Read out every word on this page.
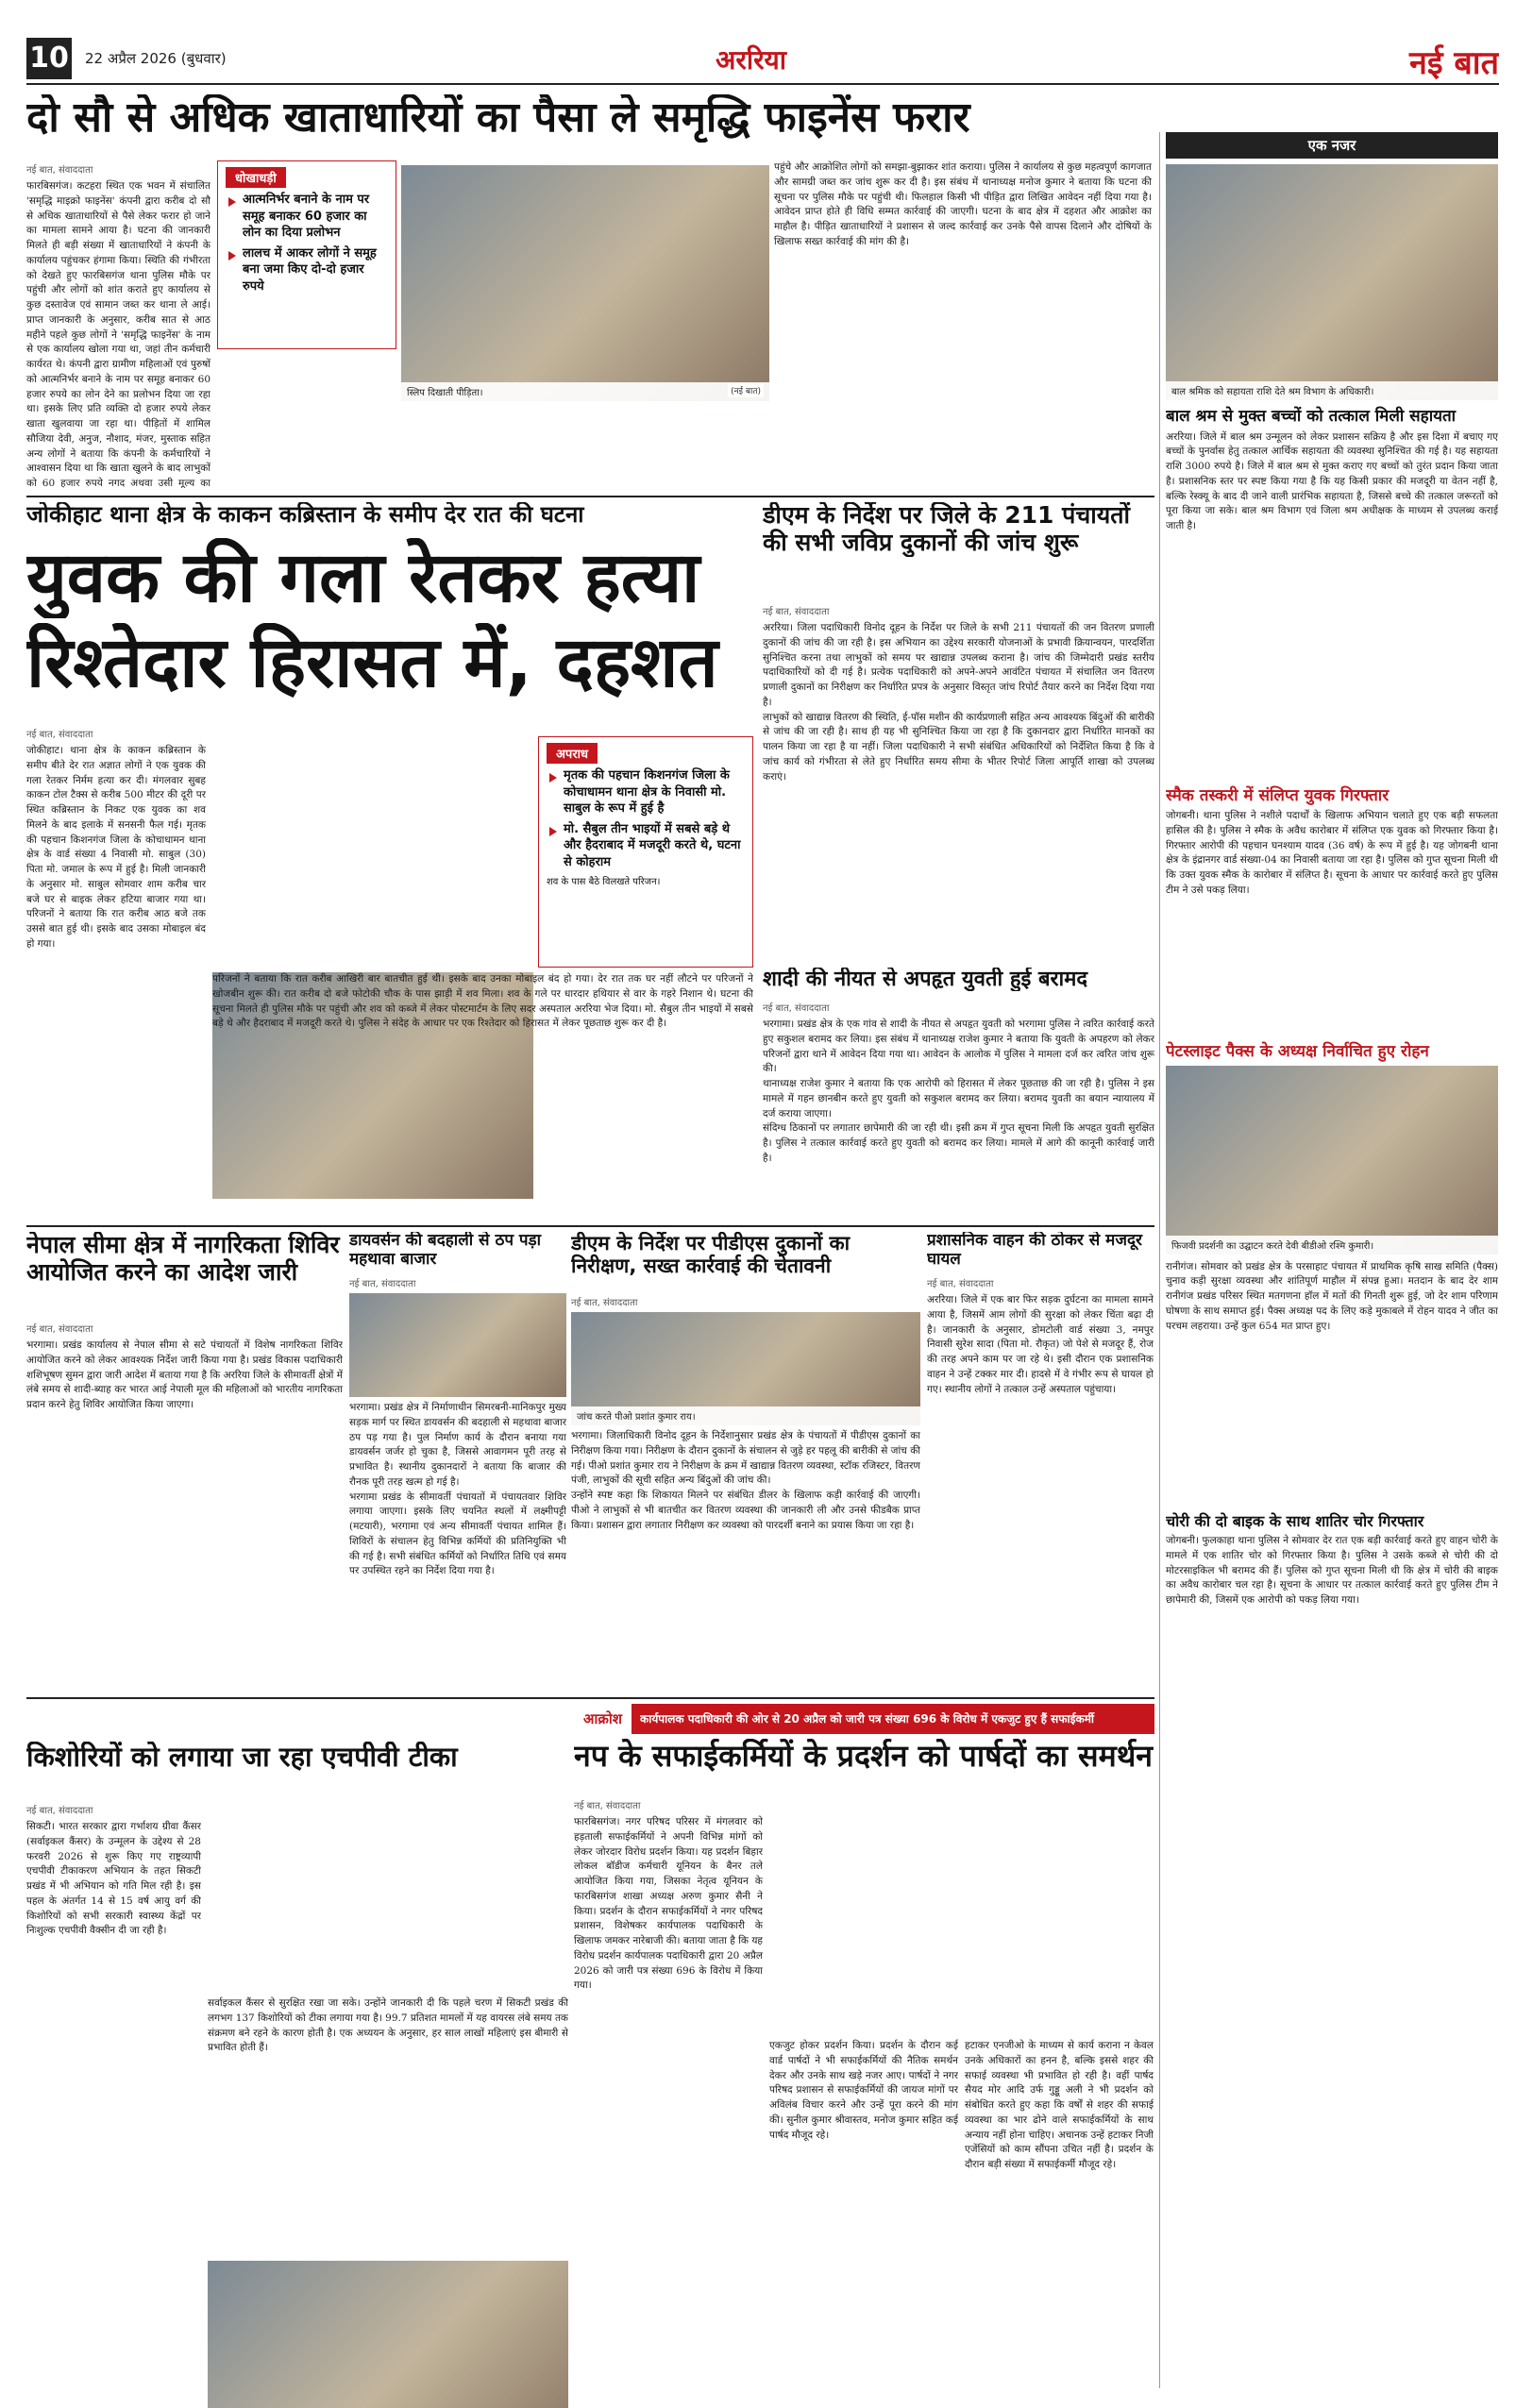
10 22 अप्रैल 2026 (बुधवार)	अररिया	नई बात
दो सौ से अधिक खाताधारियों का पैसा ले समृद्धि फाइनेंस फरार
नई बात, संवाददाता
फारबिसगंज। कटहरा स्थित एक भवन में संचालित 'समृद्धि माइक्रो फाइनेंस' कंपनी द्वारा करीब दो सौ से अधिक खाताधारियों से पैसे लेकर फरार हो जाने का मामला सामने आया है। घटना की जानकारी मिलते ही बड़ी संख्या में खाताधारियों ने कंपनी के कार्यालय पहुंचकर हंगामा किया। स्थिति की गंभीरता को देखते हुए फारबिसगंज थाना पुलिस मौके पर पहुंची और लोगों को शांत कराते हुए कार्यालय से कुछ दस्तावेज एवं सामान जब्त कर थाना ले आई। प्राप्त जानकारी के अनुसार, करीब सात से आठ महीने पहले कुछ लोगों ने 'समृद्धि फाइनेंस' के नाम से एक कार्यालय खोला गया था, जहां तीन कर्मचारी कार्यरत थे। कंपनी द्वारा ग्रामीण महिलाओं एवं पुरुषों को आत्मनिर्भर बनाने के नाम पर समूह बनाकर 60 हजार रुपये का लोन देने का प्रलोभन दिया जा रहा था। इसके लिए प्रति व्यक्ति दो हजार रुपये लेकर खाता खुलवाया जा रहा था। पीड़ितों में शामिल सौजिया देवी, अनुज, नौशाद, मंजर, मुस्ताक सहित अन्य लोगों ने बताया कि कंपनी के कर्मचारियों ने आश्वासन दिया था कि खाता खुलने के बाद लाभुकों को 60 हजार रुपये नगद अथवा उसी मूल्य का
धोखाधड़ी
आत्मनिर्भर बनाने के नाम पर समूह बनाकर 60 हजार का लोन का दिया प्रलोभन
लालच में आकर लोगों ने समूह बना जमा किए दो-दो हजार रुपये
स्लिप दिखाती पीड़िता।	(नई बात)
पहुंचे और आक्रोशित लोगों को समझा-बुझाकर शांत कराया। पुलिस ने कार्यालय से कुछ महत्वपूर्ण कागजात और सामग्री जब्त कर जांच शुरू कर दी है। इस संबंध में थानाध्यक्ष मनोज कुमार ने बताया कि घटना की सूचना पर पुलिस मौके पर पहुंची थी। फिलहाल किसी भी पीड़ित द्वारा लिखित आवेदन नहीं दिया गया है। आवेदन प्राप्त होते ही विधि सम्मत कार्रवाई की जाएगी। घटना के बाद क्षेत्र में दहशत और आक्रोश का माहौल है। पीड़ित खाताधारियों ने प्रशासन से जल्द कार्रवाई कर उनके पैसे वापस दिलाने और दोषियों के खिलाफ सख्त कार्रवाई की मांग की है।
एक नजर
बाल श्रमिक को सहायता राशि देते श्रम विभाग के अधिकारी।
बाल श्रम से मुक्त बच्चों को तत्काल मिली सहायता
अररिया। जिले में बाल श्रम उन्मूलन को लेकर प्रशासन सक्रिय है और इस दिशा में बचाए गए बच्चों के पुनर्वास हेतु तत्काल आर्थिक सहायता की व्यवस्था सुनिश्चित की गई है। यह सहायता राशि 3000 रुपये है। जिले में बाल श्रम से मुक्त कराए गए बच्चों को तुरंत प्रदान किया जाता है। प्रशासनिक स्तर पर स्पष्ट किया गया है कि यह किसी प्रकार की मजदूरी या वेतन नहीं है, बल्कि रेस्क्यू के बाद दी जाने वाली प्रारंभिक सहायता है, जिससे बच्चे की तत्काल जरूरतों को पूरा किया जा सके। बाल श्रम विभाग एवं जिला श्रम अधीक्षक के माध्यम से उपलब्ध कराई जाती है।
स्मैक तस्करी में संलिप्त युवक गिरफ्तार
जोगबनी। थाना पुलिस ने नशीले पदार्थों के खिलाफ अभियान चलाते हुए एक बड़ी सफलता हासिल की है। पुलिस ने स्मैक के अवैध कारोबार में संलिप्त एक युवक को गिरफ्तार किया है। गिरफ्तार आरोपी की पहचान घनश्याम यादव (36 वर्ष) के रूप में हुई है। यह जोगबनी थाना क्षेत्र के इंद्रानगर वार्ड संख्या-04 का निवासी बताया जा रहा है। पुलिस को गुप्त सूचना मिली थी कि उक्त युवक स्मैक के कारोबार में संलिप्त है। सूचना के आधार पर कार्रवाई करते हुए पुलिस टीम ने उसे पकड़ लिया।
पेटस्लाइट पैक्स के अध्यक्ष निर्वाचित हुए रोहन
फिजवी प्रदर्शनी का उद्घाटन करते देवी बीडीओ रश्मि कुमारी।
रानीगंज। सोमवार को प्रखंड क्षेत्र के परसाहाट पंचायत में प्राथमिक कृषि साख समिति (पैक्स) चुनाव कड़ी सुरक्षा व्यवस्था और शांतिपूर्ण माहौल में संपन्न हुआ। मतदान के बाद देर शाम रानीगंज प्रखंड परिसर स्थित मतगणना हॉल में मतों की गिनती शुरू हुई, जो देर शाम परिणाम घोषणा के साथ समाप्त हुई। पैक्स अध्यक्ष पद के लिए कड़े मुकाबले में रोहन यादव ने जीत का परचम लहराया। उन्हें कुल 654 मत प्राप्त हुए।
चोरी की दो बाइक के साथ शातिर चोर गिरफ्तार
जोगबनी। फुलकाहा थाना पुलिस ने सोमवार देर रात एक बड़ी कार्रवाई करते हुए वाहन चोरी के मामले में एक शातिर चोर को गिरफ्तार किया है। पुलिस ने उसके कब्जे से चोरी की दो मोटरसाइकिल भी बरामद की हैं। पुलिस को गुप्त सूचना मिली थी कि क्षेत्र में चोरी की बाइक का अवैध कारोबार चल रहा है। सूचना के आधार पर तत्काल कार्रवाई करते हुए पुलिस टीम ने छापेमारी की, जिसमें एक आरोपी को पकड़ लिया गया।
जोकीहाट थाना क्षेत्र के काकन कब्रिस्तान के समीप देर रात की घटना
युवक की गला रेतकर हत्या
रिश्तेदार हिरासत में, दहशत
नई बात, संवाददाता
जोकीहाट। थाना क्षेत्र के काकन कब्रिस्तान के समीप बीते देर रात अज्ञात लोगों ने एक युवक की गला रेतकर निर्मम हत्या कर दी। मंगलवार सुबह काकन टोल टैक्स से करीब 500 मीटर की दूरी पर स्थित कब्रिस्तान के निकट एक युवक का शव मिलने के बाद इलाके में सनसनी फैल गई। मृतक की पहचान किशनगंज जिला के कोचाधामन थाना क्षेत्र के वार्ड संख्या 4 निवासी मो. साबुल (30) पिता मो. जमाल के रूप में हुई है। मिली जानकारी के अनुसार मो. साबुल सोमवार शाम करीब चार बजे घर से बाइक लेकर हटिया बाजार गया था। परिजनों ने बताया कि रात करीब आठ बजे तक उससे बात हुई थी। इसके बाद उसका मोबाइल बंद हो गया।
अपराध
मृतक की पहचान किशनगंज जिला के कोचाधामन थाना क्षेत्र के निवासी मो. साबुल के रूप में हुई है
मो. सैबुल तीन भाइयों में सबसे बड़े थे और हैदराबाद में मजदूरी करते थे, घटना से कोहराम
शव के पास बैठे विलखते परिजन।
परिजनों ने बताया कि रात करीब आखिरी बार बातचीत हुई थी। इसके बाद उनका मोबाइल बंद हो गया। देर रात तक घर नहीं लौटने पर परिजनों ने खोजबीन शुरू की। रात करीब दो बजे फोटोकी चौक के पास झाड़ी में शव मिला। शव के गले पर धारदार हथियार से वार के गहरे निशान थे। घटना की सूचना मिलते ही पुलिस मौके पर पहुंची और शव को कब्जे में लेकर पोस्टमार्टम के लिए सदर अस्पताल अररिया भेज दिया। मो. सैबुल तीन भाइयों में सबसे बड़े थे और हैदराबाद में मजदूरी करते थे। पुलिस ने संदेह के आधार पर एक रिश्तेदार को हिरासत में लेकर पूछताछ शुरू कर दी है।
डीएम के निर्देश पर जिले के 211 पंचायतों की सभी जविप्र दुकानों की जांच शुरू
नई बात, संवाददाता
अररिया। जिला पदाधिकारी विनोद दूहन के निर्देश पर जिले के सभी 211 पंचायतों की जन वितरण प्रणाली दुकानों की जांच की जा रही है। इस अभियान का उद्देश्य सरकारी योजनाओं के प्रभावी क्रियान्वयन, पारदर्शिता सुनिश्चित करना तथा लाभुकों को समय पर खाद्यान्न उपलब्ध कराना है। जांच की जिम्मेदारी प्रखंड स्तरीय पदाधिकारियों को दी गई है। प्रत्येक पदाधिकारी को अपने-अपने आवंटित पंचायत में संचालित जन वितरण प्रणाली दुकानों का निरीक्षण कर निर्धारित प्रपत्र के अनुसार विस्तृत जांच रिपोर्ट तैयार करने का निर्देश दिया गया है।
लाभुकों को खाद्यान्न वितरण की स्थिति, ई-पॉस मशीन की कार्यप्रणाली सहित अन्य आवश्यक बिंदुओं की बारीकी से जांच की जा रही है। साथ ही यह भी सुनिश्चित किया जा रहा है कि दुकानदार द्वारा निर्धारित मानकों का पालन किया जा रहा है या नहीं। जिला पदाधिकारी ने सभी संबंधित अधिकारियों को निर्देशित किया है कि वे जांच कार्य को गंभीरता से लेते हुए निर्धारित समय सीमा के भीतर रिपोर्ट जिला आपूर्ति शाखा को उपलब्ध कराएं।
शादी की नीयत से अपहृत युवती हुई बरामद
नई बात, संवाददाता
भरगामा। प्रखंड क्षेत्र के एक गांव से शादी के नीयत से अपहृत युवती को भरगामा पुलिस ने त्वरित कार्रवाई करते हुए सकुशल बरामद कर लिया। इस संबंध में थानाध्यक्ष राजेश कुमार ने बताया कि युवती के अपहरण को लेकर परिजनों द्वारा थाने में आवेदन दिया गया था। आवेदन के आलोक में पुलिस ने मामला दर्ज कर त्वरित जांच शुरू की।
थानाध्यक्ष राजेश कुमार ने बताया कि एक आरोपी को हिरासत में लेकर पूछताछ की जा रही है। पुलिस ने इस मामले में गहन छानबीन करते हुए युवती को सकुशल बरामद कर लिया। बरामद युवती का बयान न्यायालय में दर्ज कराया जाएगा।
संदिग्ध ठिकानों पर लगातार छापेमारी की जा रही थी। इसी क्रम में गुप्त सूचना मिली कि अपहृत युवती सुरक्षित है। पुलिस ने तत्काल कार्रवाई करते हुए युवती को बरामद कर लिया। मामले में आगे की कानूनी कार्रवाई जारी है।
नेपाल सीमा क्षेत्र में नागरिकता शिविर आयोजित करने का आदेश जारी
नई बात, संवाददाता
भरगामा। प्रखंड कार्यालय से नेपाल सीमा से सटे पंचायतों में विशेष नागरिकता शिविर आयोजित करने को लेकर आवश्यक निर्देश जारी किया गया है। प्रखंड विकास पदाधिकारी शशिभूषण सुमन द्वारा जारी आदेश में बताया गया है कि अररिया जिले के सीमावर्ती क्षेत्रों में लंबे समय से शादी-ब्याह कर भारत आई नेपाली मूल की महिलाओं को भारतीय नागरिकता प्रदान करने हेतु शिविर आयोजित किया जाएगा।
डायवर्सन की बदहाली से ठप पड़ा महथावा बाजार
नई बात, संवाददाता
भरगामा। प्रखंड क्षेत्र में निर्माणाधीन सिमरबनी-मानिकपुर मुख्य सड़क मार्ग पर स्थित डायवर्सन की बदहाली से महथावा बाजार ठप पड़ गया है। पुल निर्माण कार्य के दौरान बनाया गया डायवर्सन जर्जर हो चुका है, जिससे आवागमन पूरी तरह से प्रभावित है। स्थानीय दुकानदारों ने बताया कि बाजार की रौनक पूरी तरह खत्म हो गई है।
भरगामा प्रखंड के सीमावर्ती पंचायतों में पंचायतवार शिविर लगाया जाएगा। इसके लिए चयनित स्थलों में लक्ष्मीपट्टी (मटयारी), भरगामा एवं अन्य सीमावर्ती पंचायत शामिल हैं। शिविरों के संचालन हेतु विभिन्न कर्मियों की प्रतिनियुक्ति भी की गई है। सभी संबंधित कर्मियों को निर्धारित तिथि एवं समय पर उपस्थित रहने का निर्देश दिया गया है।
डीएम के निर्देश पर पीडीएस दुकानों का निरीक्षण, सख्त कार्रवाई की चेतावनी
नई बात, संवाददाता
जांच करते पीओ प्रशांत कुमार राय।
भरगामा। जिलाधिकारी विनोद दूहन के निर्देशानुसार प्रखंड क्षेत्र के पंचायतों में पीडीएस दुकानों का निरीक्षण किया गया। निरीक्षण के दौरान दुकानों के संचालन से जुड़े हर पहलू की बारीकी से जांच की गई। पीओ प्रशांत कुमार राय ने निरीक्षण के क्रम में खाद्यान्न वितरण व्यवस्था, स्टॉक रजिस्टर, वितरण पंजी, लाभुकों की सूची सहित अन्य बिंदुओं की जांच की।
उन्होंने स्पष्ट कहा कि शिकायत मिलने पर संबंधित डीलर के खिलाफ कड़ी कार्रवाई की जाएगी। पीओ ने लाभुकों से भी बातचीत कर वितरण व्यवस्था की जानकारी ली और उनसे फीडबैक प्राप्त किया। प्रशासन द्वारा लगातार निरीक्षण कर व्यवस्था को पारदर्शी बनाने का प्रयास किया जा रहा है।
प्रशासनिक वाहन की ठोकर से मजदूर घायल
नई बात, संवाददाता
अररिया। जिले में एक बार फिर सड़क दुर्घटना का मामला सामने आया है, जिसमें आम लोगों की सुरक्षा को लेकर चिंता बढ़ा दी है। जानकारी के अनुसार, डोमटोली वार्ड संख्या 3, नमपुर निवासी सुरेश सादा (पिता मो. रौकृत) जो पेशे से मजदूर हैं, रोज की तरह अपने काम पर जा रहे थे। इसी दौरान एक प्रशासनिक वाहन ने उन्हें टक्कर मार दी। हादसे में वे गंभीर रूप से घायल हो गए। स्थानीय लोगों ने तत्काल उन्हें अस्पताल पहुंचाया।
किशोरियों को लगाया जा रहा एचपीवी टीका
नई बात, संवाददाता
सिकटी। भारत सरकार द्वारा गर्भाशय ग्रीवा कैंसर (सर्वाइकल कैंसर) के उन्मूलन के उद्देश्य से 28 फरवरी 2026 से शुरू किए गए राष्ट्रव्यापी एचपीवी टीकाकरण अभियान के तहत सिकटी प्रखंड में भी अभियान को गति मिल रही है। इस पहल के अंतर्गत 14 से 15 वर्ष आयु वर्ग की किशोरियों को सभी सरकारी स्वास्थ्य केंद्रों पर निःशुल्क एचपीवी वैक्सीन दी जा रही है।
सर्वाइकल कैंसर से सुरक्षित रखा जा सके। उन्होंने जानकारी दी कि पहले चरण में सिकटी प्रखंड की लगभग 137 किशोरियों को टीका लगाया गया है। 99.7 प्रतिशत मामलों में यह वायरस लंबे समय तक संक्रमण बने रहने के कारण होती है। एक अध्ययन के अनुसार, हर साल लाखों महिलाएं इस बीमारी से प्रभावित होती हैं।
आक्रोश	कार्यपालक पदाधिकारी की ओर से 20 अप्रैल को जारी पत्र संख्या 696 के विरोध में एकजुट हुए हैं सफाईकर्मी
नप के सफाईकर्मियों के प्रदर्शन को पार्षदों का समर्थन
नई बात, संवाददाता
फारबिसगंज। नगर परिषद परिसर में मंगलवार को हड़ताली सफाईकर्मियों ने अपनी विभिन्न मांगों को लेकर जोरदार विरोध प्रदर्शन किया। यह प्रदर्शन बिहार लोकल बॉडीज कर्मचारी यूनियन के बैनर तले आयोजित किया गया, जिसका नेतृत्व यूनियन के फारबिसगंज शाखा अध्यक्ष अरुण कुमार सैनी ने किया। प्रदर्शन के दौरान सफाईकर्मियों ने नगर परिषद प्रशासन, विशेषकर कार्यपालक पदाधिकारी के खिलाफ जमकर नारेबाजी की। बताया जाता है कि यह विरोध प्रदर्शन कार्यपालक पदाधिकारी द्वारा 20 अप्रैल 2026 को जारी पत्र संख्या 696 के विरोध में किया गया।
एकजुट होकर प्रदर्शन किया। प्रदर्शन के दौरान कई वार्ड पार्षदों ने भी सफाईकर्मियों की नैतिक समर्थन देकर और उनके साथ खड़े नजर आए। पार्षदों ने नगर परिषद प्रशासन से सफाईकर्मियों की जायज मांगों पर अविलंब विचार करने और उन्हें पूरा करने की मांग की। सुनील कुमार श्रीवास्तव, मनोज कुमार सहित कई पार्षद मौजूद रहे।
हटाकर एनजीओ के माध्यम से कार्य कराना न केवल उनके अधिकारों का हनन है, बल्कि इससे शहर की सफाई व्यवस्था भी प्रभावित हो रही है। वहीं पार्षद सैयद मोर आदि उर्फ गुड्डू अली ने भी प्रदर्शन को संबोधित करते हुए कहा कि वर्षों से शहर की सफाई व्यवस्था का भार ढोने वाले सफाईकर्मियों के साथ अन्याय नहीं होना चाहिए। अचानक उन्हें हटाकर निजी एजेंसियों को काम सौंपना उचित नहीं है। प्रदर्शन के दौरान बड़ी संख्या में सफाईकर्मी मौजूद रहे।
